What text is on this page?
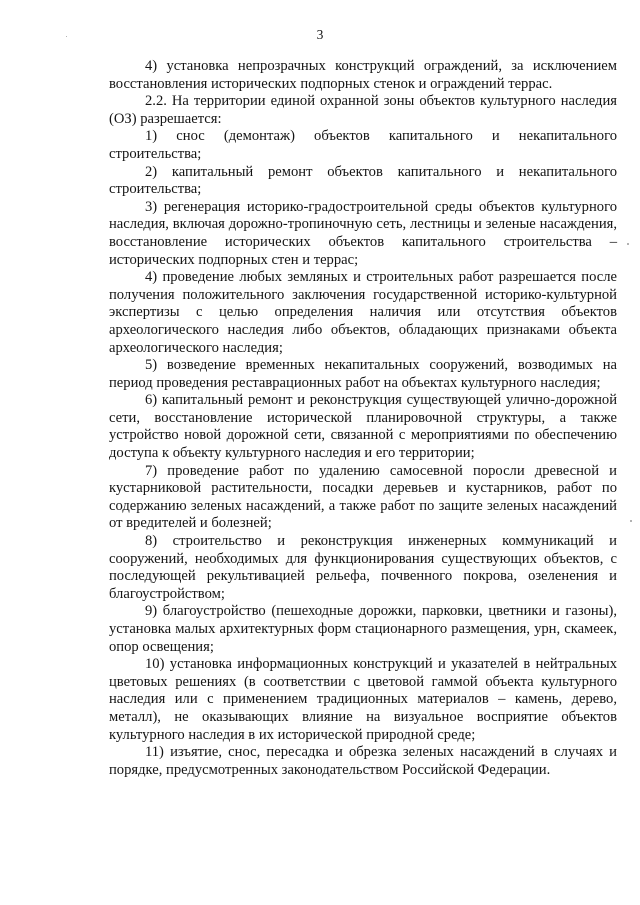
3

4) установка непрозрачных конструкций ограждений, за исключением восстановления исторических подпорных стенок и ограждений террас.

2.2. На территории единой охранной зоны объектов культурного наследия (ОЗ) разрешается:

1) снос (демонтаж) объектов капитального и некапитального строительства;

2) капитальный ремонт объектов капитального и некапитального строительства;

3) регенерация историко-градостроительной среды объектов культурного наследия, включая дорожно-тропиночную сеть, лестницы и зеленые насаждения, восстановление исторических объектов капитального строительства – исторических подпорных стен и террас;

4) проведение любых земляных и строительных работ разрешается после получения положительного заключения государственной историко-культурной экспертизы с целью определения наличия или отсутствия объектов археологического наследия либо объектов, обладающих признаками объекта археологического наследия;

5) возведение временных некапитальных сооружений, возводимых на период проведения реставрационных работ на объектах культурного наследия;

6) капитальный ремонт и реконструкция существующей улично-дорожной сети, восстановление исторической планировочной структуры, а также устройство новой дорожной сети, связанной с мероприятиями по обеспечению доступа к объекту культурного наследия и его территории;

7) проведение работ по удалению самосевной поросли древесной и кустарниковой растительности, посадки деревьев и кустарников, работ по содержанию зеленых насаждений, а также работ по защите зеленых насаждений от вредителей и болезней;

8) строительство и реконструкция инженерных коммуникаций и сооружений, необходимых для функционирования существующих объектов, с последующей рекультивацией рельефа, почвенного покрова, озеленения и благоустройством;

9) благоустройство (пешеходные дорожки, парковки, цветники и газоны), установка малых архитектурных форм стационарного размещения, урн, скамеек, опор освещения;

10) установка информационных конструкций и указателей в нейтральных цветовых решениях (в соответствии с цветовой гаммой объекта культурного наследия или с применением традиционных материалов – камень, дерево, металл), не оказывающих влияние на визуальное восприятие объектов культурного наследия в их исторической природной среде;

11) изъятие, снос, пересадка и обрезка зеленых насаждений в случаях и порядке, предусмотренных законодательством Российской Федерации.
